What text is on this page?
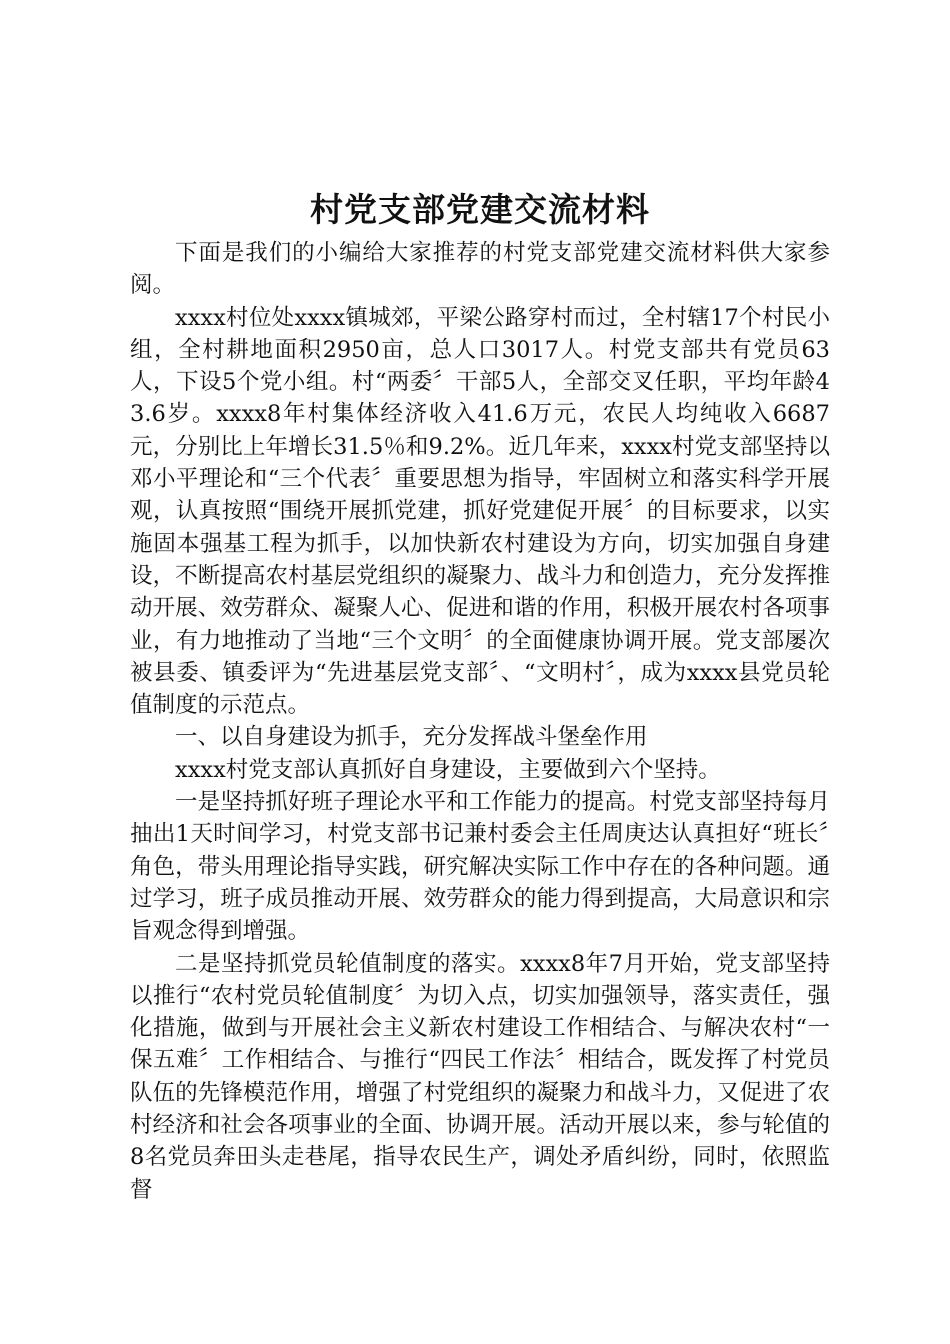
村党支部党建交流材料

下面是我们的小编给大家推荐的村党支部党建交流材料供大家参阅。

xxxx村位处xxxx镇城郊，平梁公路穿村而过，全村辖17个村民小组，全村耕地面积2950亩，总人口3017人。村党支部共有党员63人，下设5个党小组。村“两委〞干部5人，全部交叉任职，平均年龄43.6岁。xxxx8年村集体经济收入41.6万元，农民人均纯收入6687元，分别比上年增长31.5％和9.2%。近几年来，xxxx村党支部坚持以邓小平理论和“三个代表〞重要思想为指导，牢固树立和落实科学开展观，认真按照“围绕开展抓党建，抓好党建促开展〞的目标要求，以实施固本强基工程为抓手，以加快新农村建设为方向，切实加强自身建设，不断提高农村基层党组织的凝聚力、战斗力和创造力，充分发挥推动开展、效劳群众、凝聚人心、促进和谐的作用，积极开展农村各项事业，有力地推动了当地“三个文明〞的全面健康协调开展。党支部屡次被县委、镇委评为“先进基层党支部〞、“文明村〞，成为xxxx县党员轮值制度的示范点。

一、以自身建设为抓手，充分发挥战斗堡垒作用

xxxx村党支部认真抓好自身建设，主要做到六个坚持。

一是坚持抓好班子理论水平和工作能力的提高。村党支部坚持每月抽出1天时间学习，村党支部书记兼村委会主任周庚达认真担好“班长〞角色，带头用理论指导实践，研究解决实际工作中存在的各种问题。通过学习，班子成员推动开展、效劳群众的能力得到提高，大局意识和宗旨观念得到增强。

二是坚持抓党员轮值制度的落实。xxxx8年7月开始，党支部坚持以推行“农村党员轮值制度〞为切入点，切实加强领导，落实责任，强化措施，做到与开展社会主义新农村建设工作相结合、与解决农村“一保五难〞工作相结合、与推行“四民工作法〞相结合，既发挥了村党员队伍的先锋模范作用，增强了村党组织的凝聚力和战斗力，又促进了农村经济和社会各项事业的全面、协调开展。活动开展以来，参与轮值的8名党员奔田头走巷尾，指导农民生产，调处矛盾纠纷，同时，依照监督
